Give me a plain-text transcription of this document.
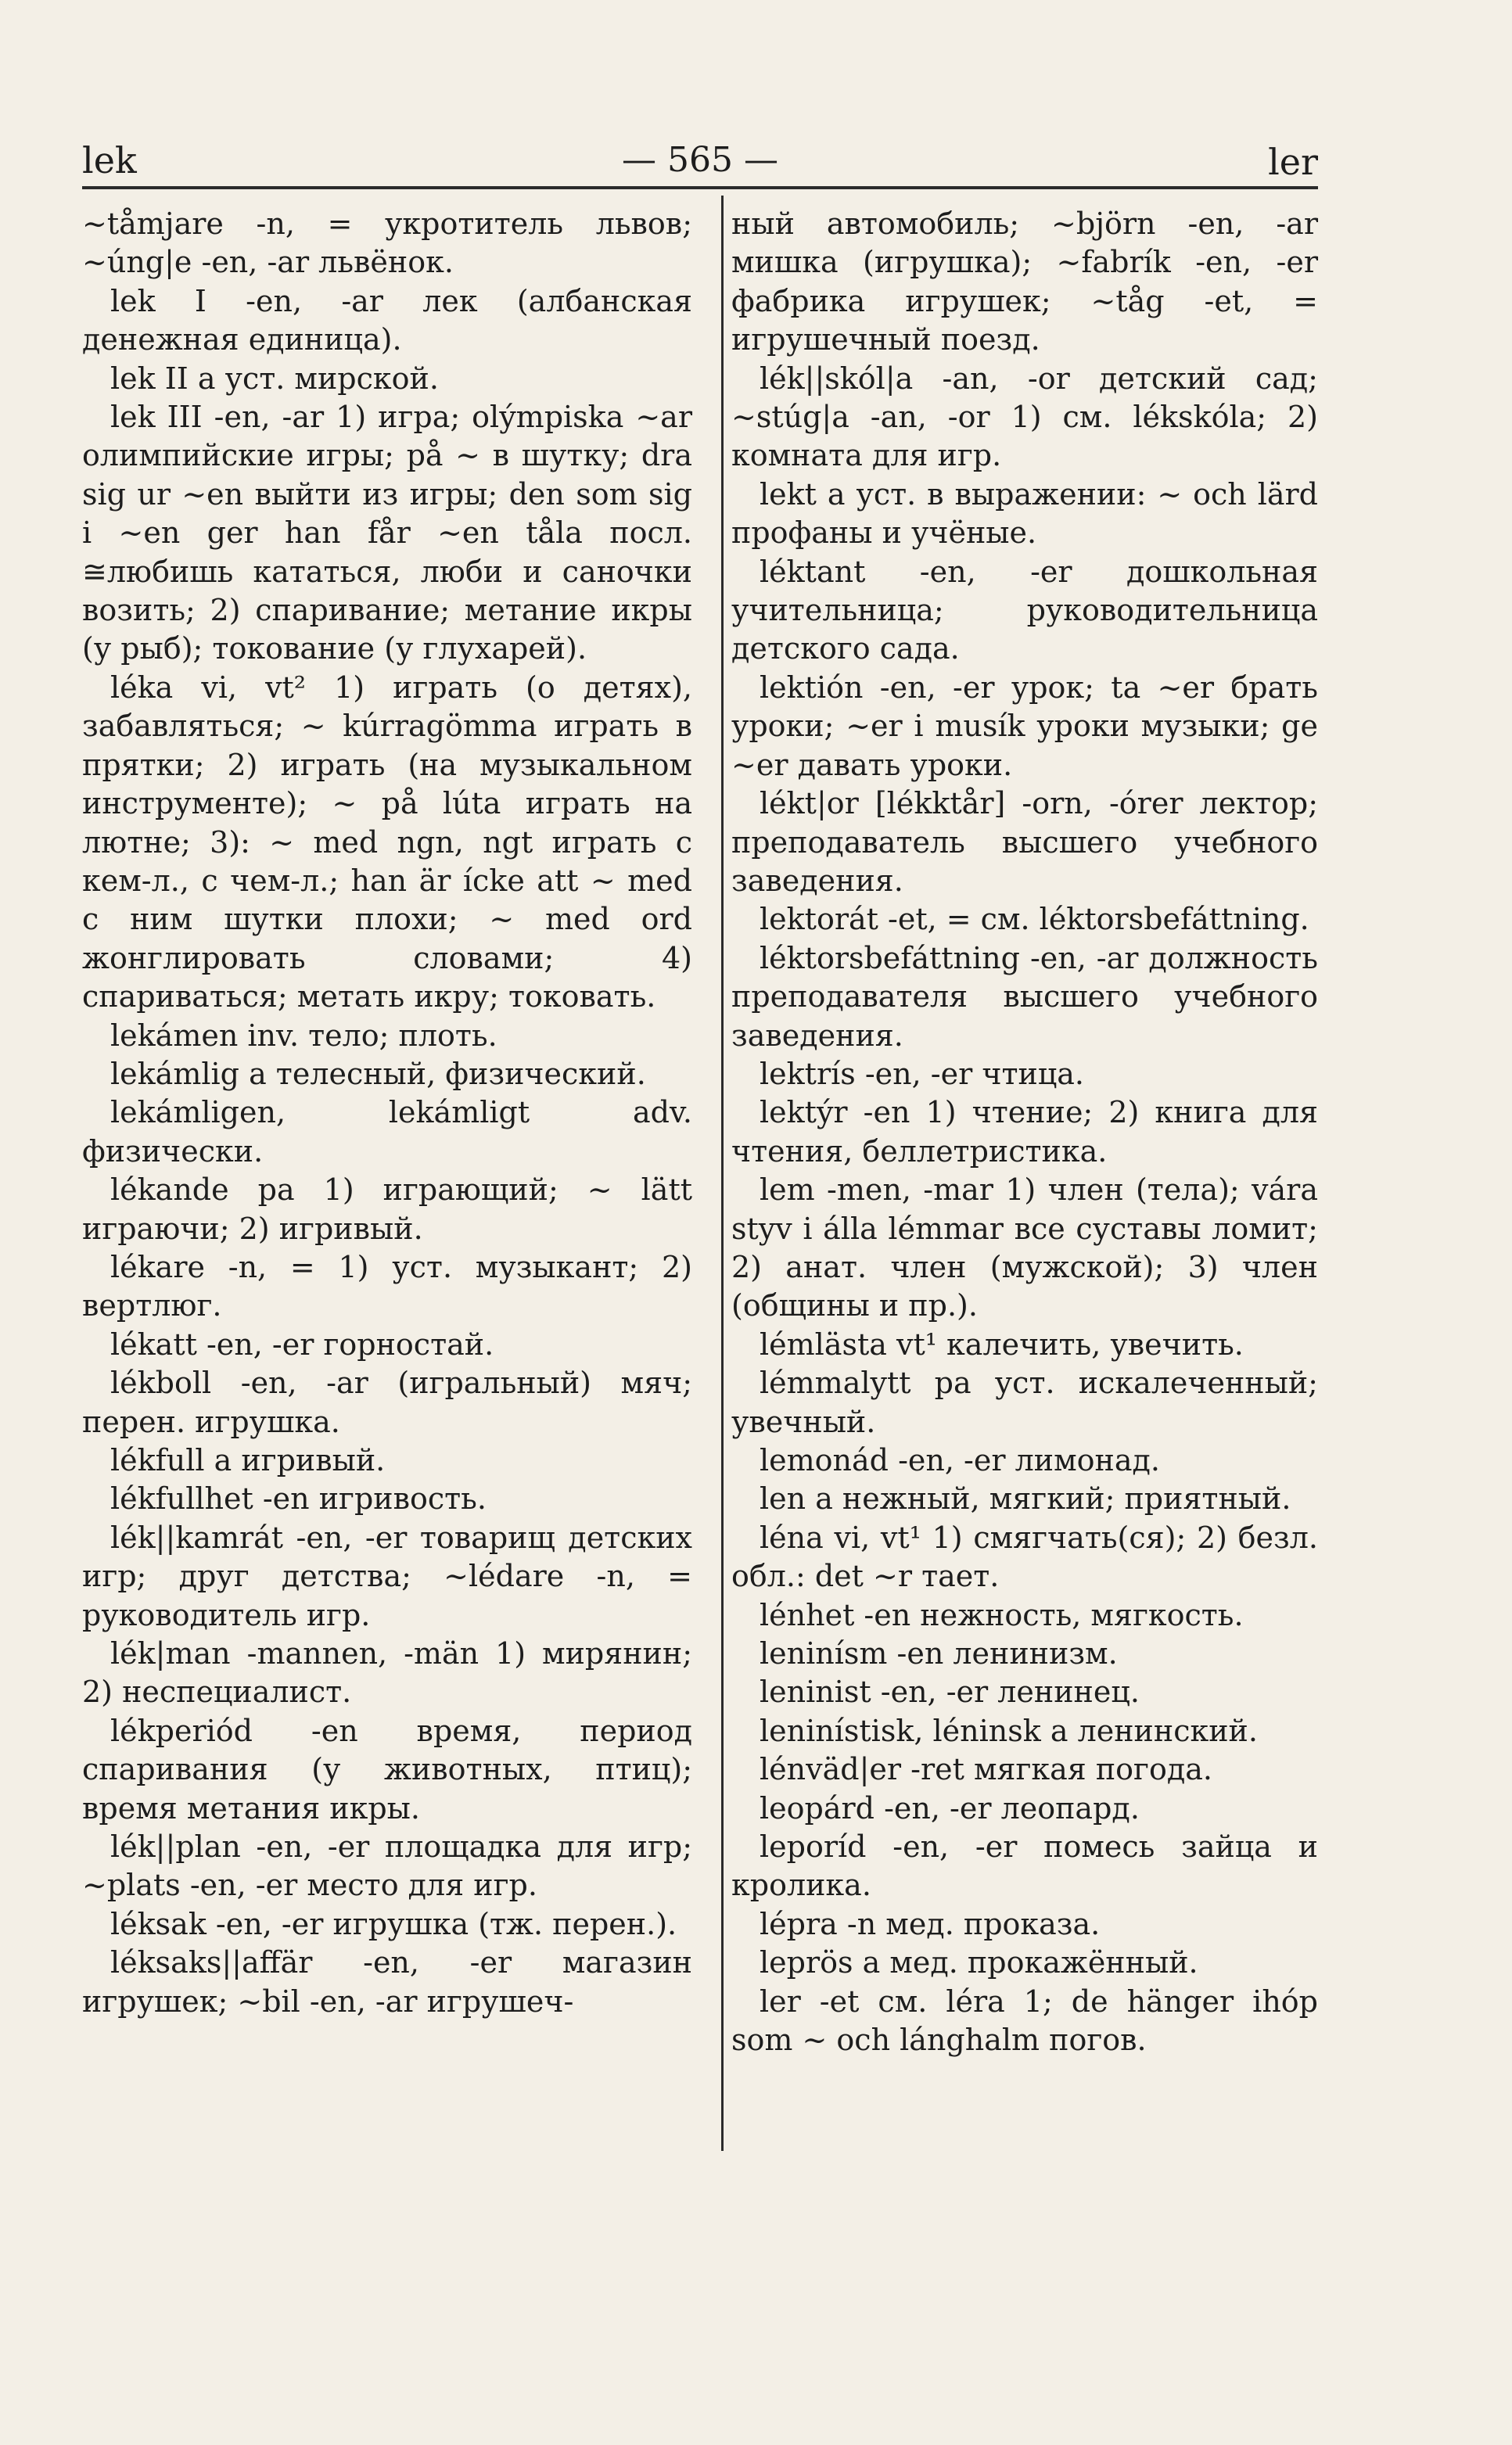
lek	— 565 —	ler

~tåmjare -n, = укротитель львов; ~úng|e -en, -ar львёнок.

lek I -en, -ar лек (албанская денежная единица).

lek II a уст. мирской.

lek III -en, -ar 1) игра; olýmpiska ~ar олимпийские игры; på ~ в шутку; dra sig ur ~en выйти из игры; den som sig i ~en ger han får ~en tåla посл. ≅любишь кататься, люби и саночки возить; 2) спаривание; метание икры (у рыб); токование (у глухарей).

léka vi, vt² 1) играть (о детях), забавляться; ~ kúrragömma играть в прятки; 2) играть (на музыкальном инструменте); ~ på lúta играть на лютне; 3): ~ med ngn, ngt играть с кем-л., с чем-л.; han är ícke att ~ med с ним шутки плохи; ~ med ord жонглировать словами; 4) спариваться; метать икру; токовать.

lekámen inv. тело; плоть.

lekámlig a телесный, физический.

lekámligen, lekámligt adv. физически.

lékande pa 1) играющий; ~ lätt играючи; 2) игривый.

lékare -n, = 1) уст. музыкант; 2) вертлюг.

lékatt -en, -er горностай.

lékboll -en, -ar (игральный) мяч; перен. игрушка.

lékfull a игривый.

lékfullhet -en игривость.

lék||kamrát -en, -er товарищ детских игр; друг детства; ~lédare -n, = руководитель игр.

lék|man -mannen, -män 1) мирянин; 2) неспециалист.

lékperiód -en время, период спаривания (у животных, птиц); время метания икры.

lék||plan -en, -er площадка для игр; ~plats -en, -er место для игр.

léksak -en, -er игрушка (тж. перен.).

léksaks||affär -en, -er магазин игрушек; ~bil -en, -ar игрушеч-

ный автомобиль; ~björn -en, -ar мишка (игрушка); ~fabrík -en, -er фабрика игрушек; ~tåg -et, = игрушечный поезд.

lék||skól|a -an, -or детский сад; ~stúg|a -an, -or 1) см. lékskóla; 2) комната для игр.

lekt a уст. в выражении: ~ och lärd профаны и учёные.

léktant -en, -er дошкольная учительница; руководительница детского сада.

lektión -en, -er урок; ta ~er брать уроки; ~er i musík уроки музыки; ge ~er давать уроки.

lékt|or [lékktår] -orn, -órer лектор; преподаватель высшего учебного заведения.

lektorát -et, = см. léktorsbefáttning.

léktorsbefáttning -en, -ar должность преподавателя высшего учебного заведения.

lektrís -en, -er чтица.

lektýr -en 1) чтение; 2) книга для чтения, беллетристика.

lem -men, -mar 1) член (тела); vára styv i álla lémmar все суставы ломит; 2) анат. член (мужской); 3) член (общины и пр.).

lémlästa vt¹ калечить, увечить.

lémmalytt pa уст. искалеченный; увечный.

lemonád -en, -er лимонад.

len a нежный, мягкий; приятный.

léna vi, vt¹ 1) смягчать(ся); 2) безл. обл.: det ~r тает.

lénhet -en нежность, мягкость.

leninísm -en ленинизм.

leninist -en, -er ленинец.

leninístisk, léninsk a ленинский.

lénväd|er -ret мягкая погода.

leopárd -en, -er леопард.

leporíd -en, -er помесь зайца и кролика.

lépra -n мед. проказа.

leprös a мед. прокажённый.

ler -et см. léra 1; de hänger ihóp som ~ och lánghalm погов.
